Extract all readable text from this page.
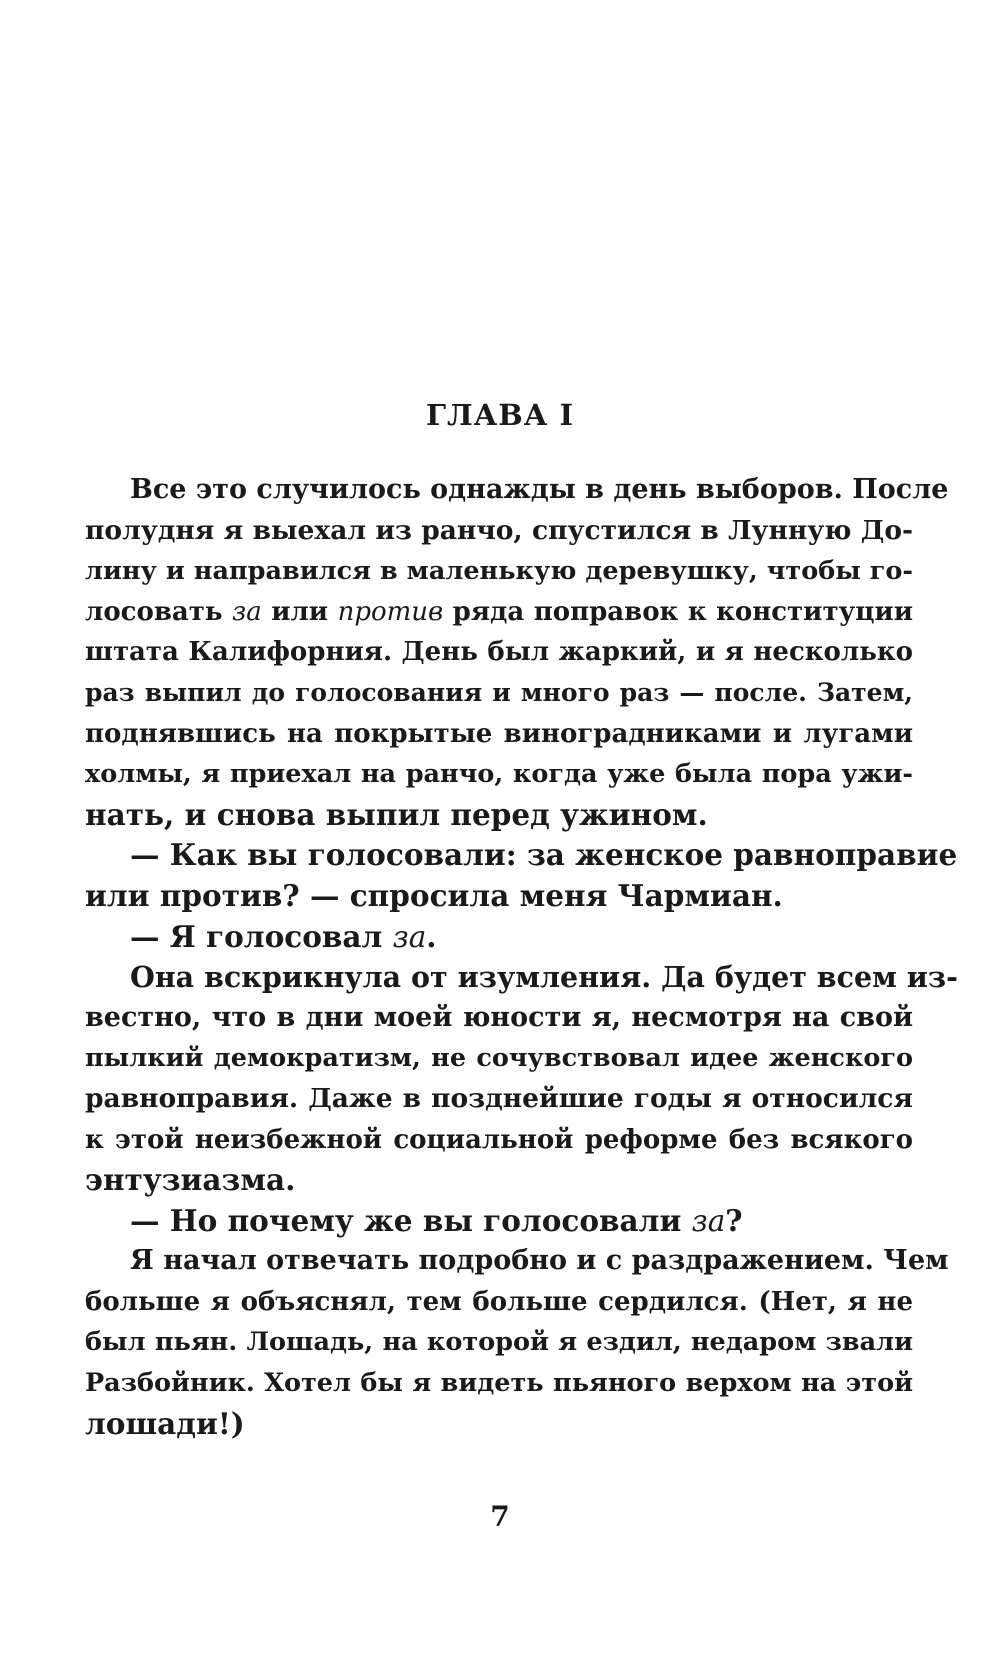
ГЛАВА I
Все это случилось однажды в день выборов. После
полудня я выехал из ранчо, спустился в Лунную До-
лину и направился в маленькую деревушку, чтобы го-
лосовать за или против ряда поправок к конституции
штата Калифорния. День был жаркий, и я несколько
раз выпил до голосования и много раз — после. Затем,
поднявшись на покрытые виноградниками и лугами
холмы, я приехал на ранчо, когда уже была пора ужи-
нать, и снова выпил перед ужином.
— Как вы голосовали: за женское равноправие
или против? — спросила меня Чармиан.
— Я голосовал за.
Она вскрикнула от изумления. Да будет всем из-
вестно, что в дни моей юности я, несмотря на свой
пылкий демократизм, не сочувствовал идее женского
равноправия. Даже в позднейшие годы я относился
к этой неизбежной социальной реформе без всякого
энтузиазма.
— Но почему же вы голосовали за?
Я начал отвечать подробно и с раздражением. Чем
больше я объяснял, тем больше сердился. (Нет, я не
был пьян. Лошадь, на которой я ездил, недаром звали
Разбойник. Хотел бы я видеть пьяного верхом на этой
лошади!)
7
